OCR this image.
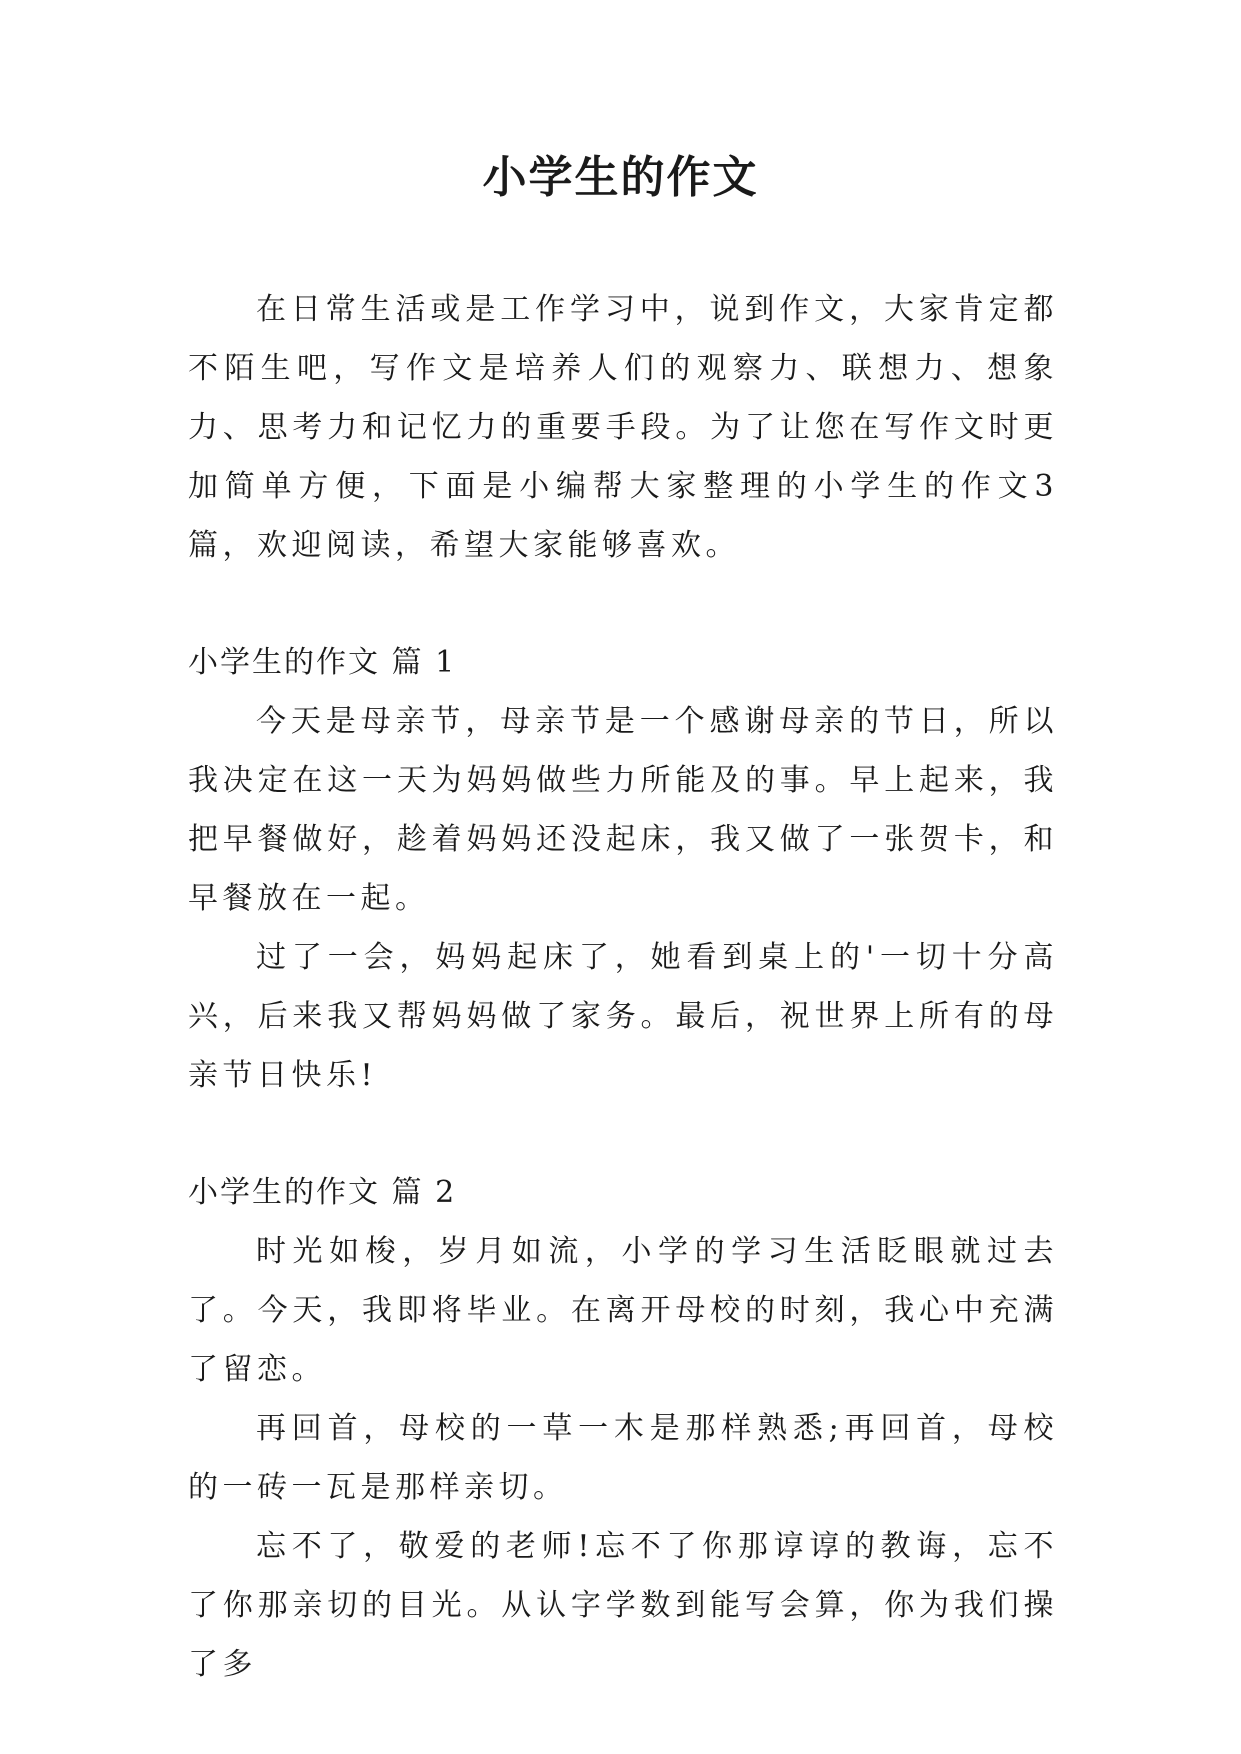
小学生的作文

在日常生活或是工作学习中，说到作文，大家肯定都不陌生吧，写作文是培养人们的观察力、联想力、想象力、思考力和记忆力的重要手段。为了让您在写作文时更加简单方便，下面是小编帮大家整理的小学生的作文3篇，欢迎阅读，希望大家能够喜欢。

小学生的作文 篇 1

今天是母亲节，母亲节是一个感谢母亲的节日，所以我决定在这一天为妈妈做些力所能及的事。早上起来，我把早餐做好，趁着妈妈还没起床，我又做了一张贺卡，和早餐放在一起。

过了一会，妈妈起床了，她看到桌上的'一切十分高兴，后来我又帮妈妈做了家务。最后，祝世界上所有的母亲节日快乐!

小学生的作文 篇 2

时光如梭，岁月如流，小学的学习生活眨眼就过去了。今天，我即将毕业。在离开母校的时刻，我心中充满了留恋。

再回首，母校的一草一木是那样熟悉;再回首，母校的一砖一瓦是那样亲切。

忘不了，敬爱的老师!忘不了你那谆谆的教诲，忘不了你那亲切的目光。从认字学数到能写会算，你为我们操了多
